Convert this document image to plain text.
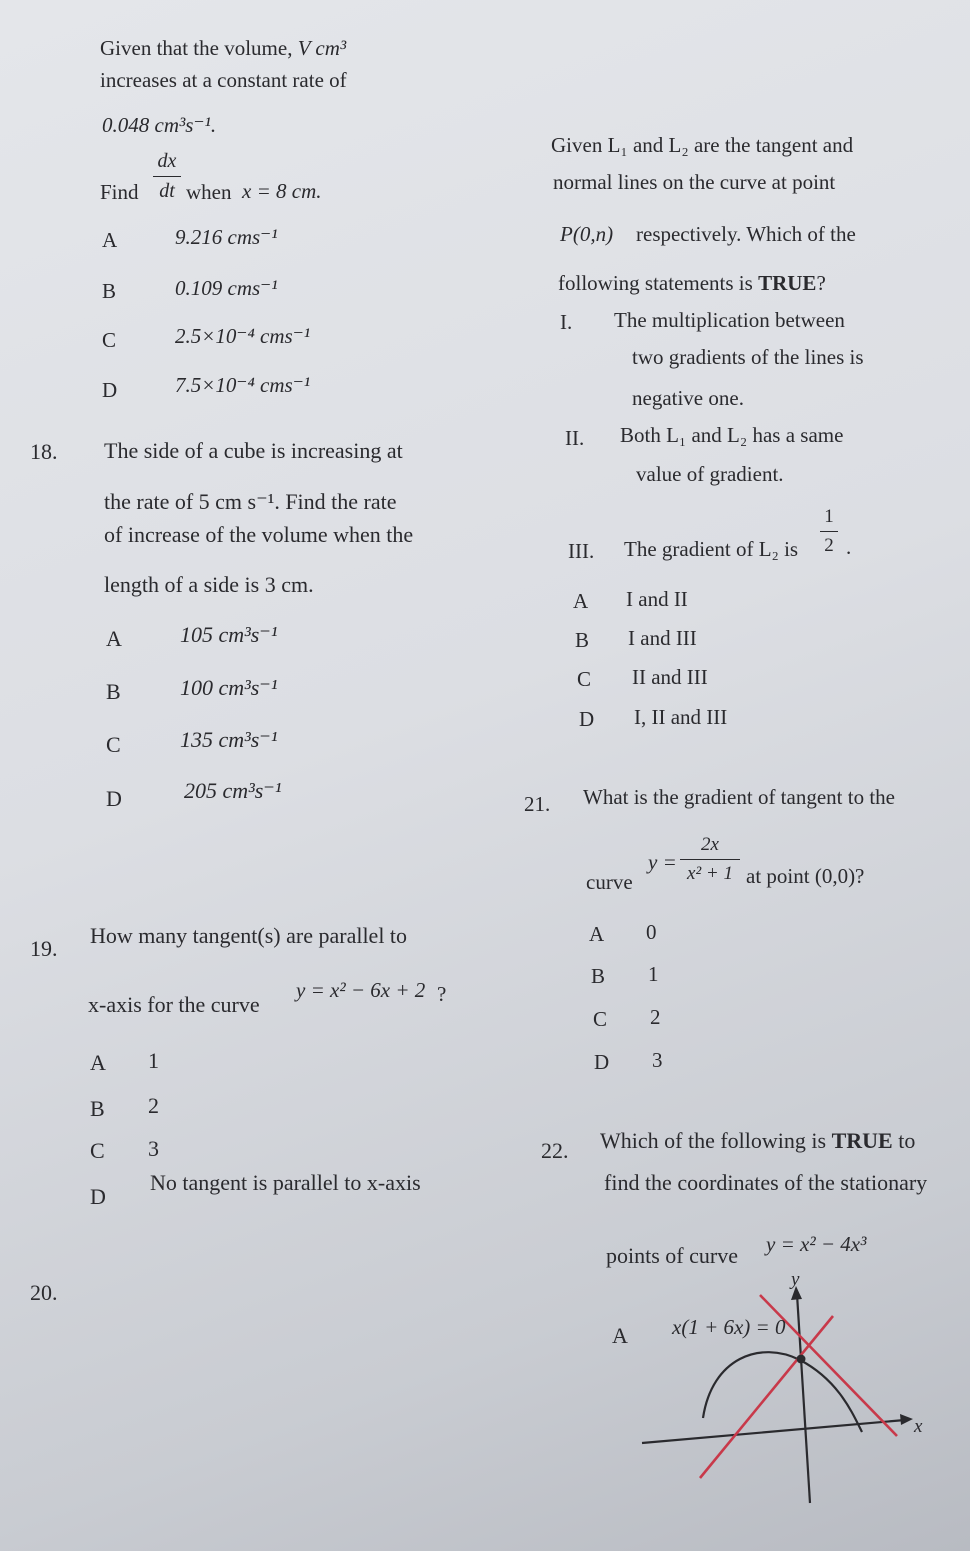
Given that the volume, V cm³
increases at a constant rate of
0.048 cm³s⁻¹.
Find
dx
dt when x = 8 cm.
A	9.216 cms⁻¹
B	0.109 cms⁻¹
C	2.5×10⁻⁴ cms⁻¹
D	7.5×10⁻⁴ cms⁻¹
18. The side of a cube is increasing at
the rate of 5 cm s⁻¹. Find the rate
of increase of the volume when the
length of a side is 3 cm.
A	105 cm³s⁻¹
B	100 cm³s⁻¹
C	135 cm³s⁻¹
D	205 cm³s⁻¹
19.
How many tangent(s) are parallel to
x-axis for the curve
y = x² − 6x + 2 ?
A 1
B 2
C 3
D
No tangent is parallel to x-axis
20.
Given L₁ and L₂ are the tangent and
normal lines on the curve at point
P(0,n) respectively. Which of the
following statements is TRUE?
I. The multiplication between
two gradients of the lines is
negative one.
II. Both L₁ and L₂ has a same
value of gradient.
III. The gradient of L₂ is
1
2 .
A I and II
B I and III
C II and III
D I, II and III
21. What is the gradient of tangent to the
curve
y =
2x
x² + 1 at point (0,0)?
A 0
B 1
C 2
D 3
22. Which of the following is TRUE to
find the coordinates of the stationary
points of curve y = x² − 4x³
A x(1 + 6x) = 0
y
x
